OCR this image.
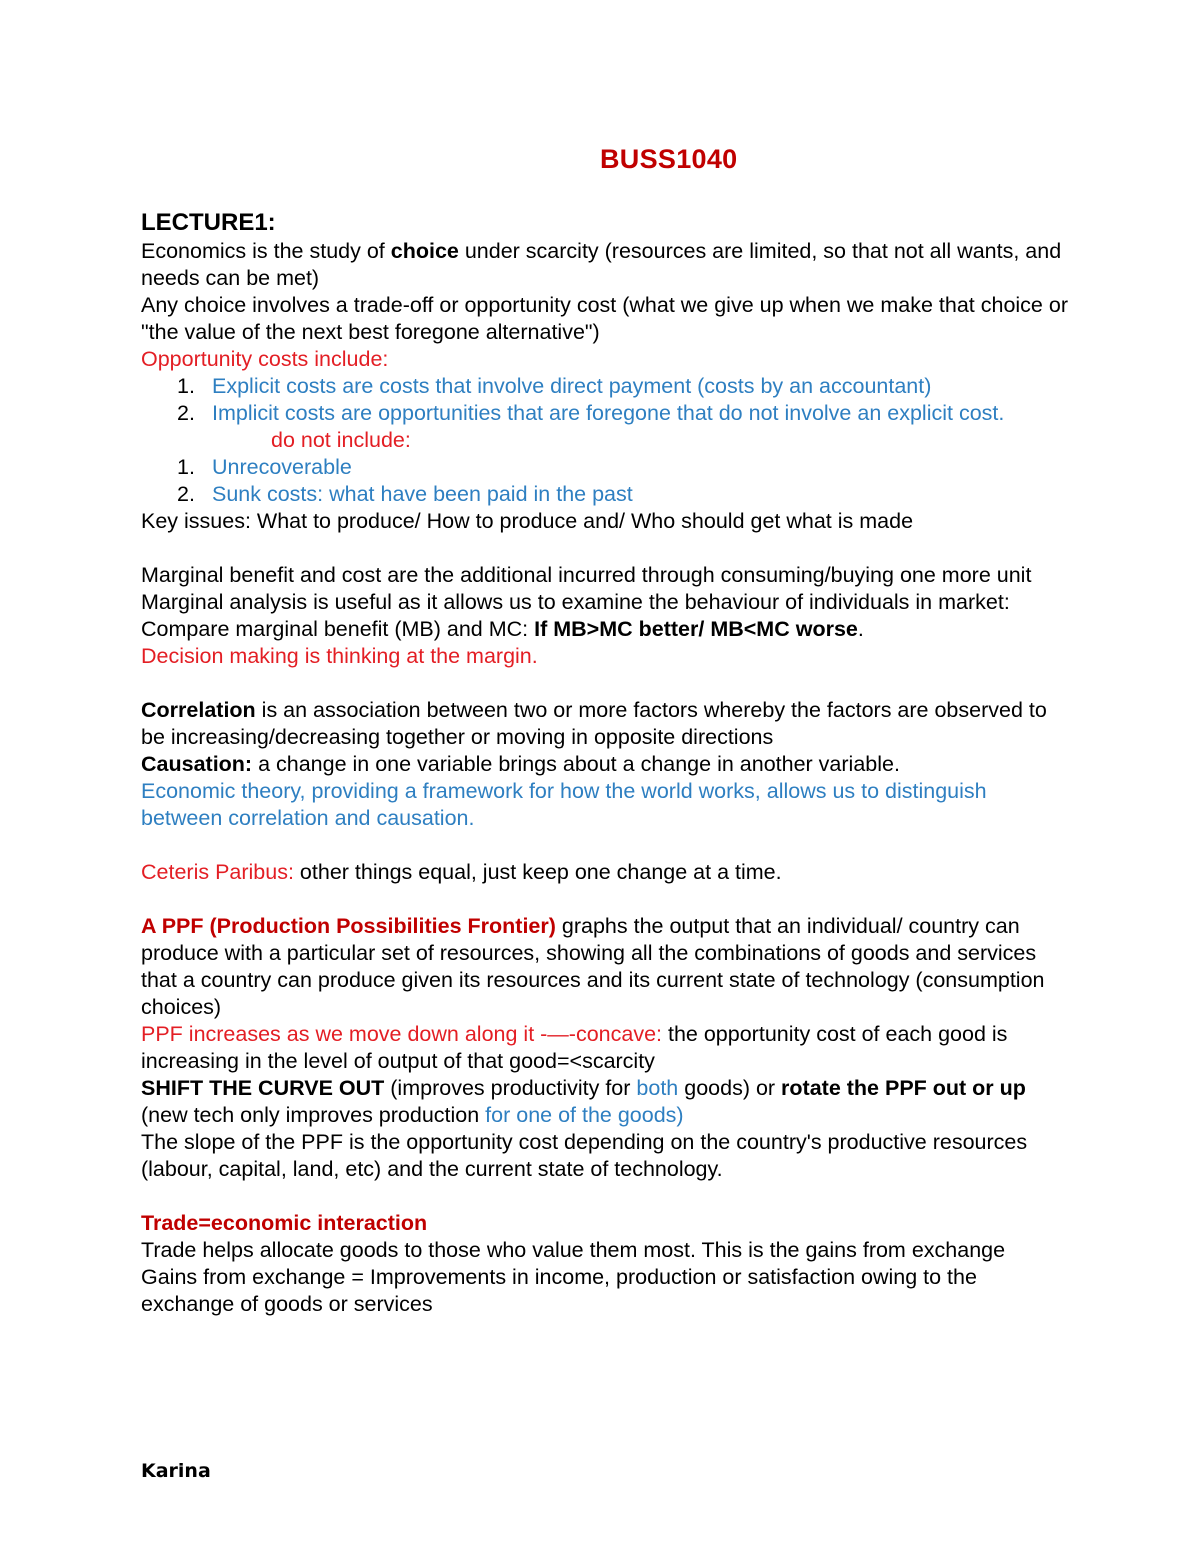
BUSS1040

LECTURE1:

Economics is the study of choice under scarcity (resources are limited, so that not all wants, and needs can be met)

Any choice involves a trade-off or opportunity cost (what we give up when we make that choice or "the value of the next best foregone alternative")

Opportunity costs include:

1. Explicit costs are costs that involve direct payment (costs by an accountant)

2. Implicit costs are opportunities that are foregone that do not involve an explicit cost.

do not include:

1. Unrecoverable

2. Sunk costs: what have been paid in the past

Key issues: What to produce/ How to produce and/ Who should get what is made

Marginal benefit and cost are the additional incurred through consuming/buying one more unit

Marginal analysis is useful as it allows us to examine the behaviour of individuals in market: Compare marginal benefit (MB) and MC: If MB>MC better/ MB<MC worse.

Decision making is thinking at the margin.

Correlation is an association between two or more factors whereby the factors are observed to be increasing/decreasing together or moving in opposite directions

Causation: a change in one variable brings about a change in another variable.

Economic theory, providing a framework for how the world works, allows us to distinguish between correlation and causation.

Ceteris Paribus: other things equal, just keep one change at a time.

A PPF (Production Possibilities Frontier) graphs the output that an individual/ country can produce with a particular set of resources, showing all the combinations of goods and services that a country can produce given its resources and its current state of technology (consumption choices)

PPF increases as we move down along it -—-concave: the opportunity cost of each good is increasing in the level of output of that good=<scarcity

SHIFT THE CURVE OUT (improves productivity for both goods) or rotate the PPF out or up (new tech only improves production for one of the goods)

The slope of the PPF is the opportunity cost depending on the country's productive resources (labour, capital, land, etc) and the current state of technology.

Trade=economic interaction

Trade helps allocate goods to those who value them most. This is the gains from exchange

Gains from exchange = Improvements in income, production or satisfaction owing to the exchange of goods or services

Karina
